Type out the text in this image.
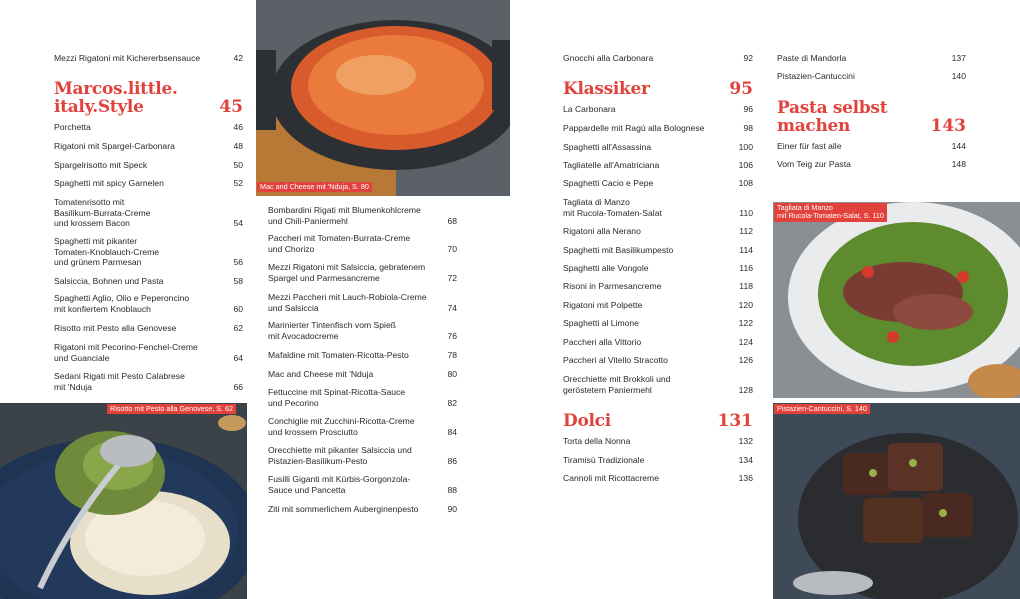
Mezzi Rigatoni mit Kichererbsensauce	42
Marcos.little.
italy.Style	45
Porchetta	46
Rigatoni mit Spargel-Carbonara	48
Spargelrisotto mit Speck	50
Spaghetti mit spicy Garnelen	52
Tomatenrisotto mit
Basilikum-Burrata-Creme
und krossem Bacon	54
Spaghetti mit pikanter
Tomaten-Knoblauch-Creme
und grünem Parmesan	56
Salsiccia, Bohnen und Pasta	58
Spaghetti Aglio, Olio e Peperoncino
mit konfiertem Knoblauch	60
Risotto mit Pesto alla Genovese	62
Rigatoni mit Pecorino-Fenchel-Creme
und Guanciale	64
Sedani Rigati mit Pesto Calabrese
mit 'Nduja	66
Risotto mit Pesto alla Genovese, S. 62
Mac and Cheese mit 'Nduja, S. 80
Bombardini Rigati mit Blumenkohlcreme
und Chili-Paniermehl	68
Paccheri mit Tomaten-Burrata-Creme
und Chorizo	70
Mezzi Rigatoni mit Salsiccia, gebratenem
Spargel und Parmesancreme	72
Mezzi Paccheri mit Lauch-Robiola-Creme
und Salsiccia	74
Marinierter Tintenfisch vom Spieß
mit Avocadocreme	76
Mafaldine mit Tomaten-Ricotta-Pesto	78
Mac and Cheese mit 'Nduja	80
Fettuccine mit Spinat-Ricotta-Sauce
und Pecorino	82
Conchiglie mit Zucchini-Ricotta-Creme
und krossem Prosciutto	84
Orecchiette mit pikanter Salsiccia und
Pistazien-Basilikum-Pesto	86
Fusilli Giganti mit Kürbis-Gorgonzola-
Sauce und Pancetta	88
Ziti mit sommerlichem Auberginenpesto	90
Gnocchi alla Carbonara	92
Klassiker	95
La Carbonara	96
Pappardelle mit Ragù alla Bolognese	98
Spaghetti all'Assassina	100
Tagliatelle all'Amatriciana	106
Spaghetti Cacio e Pepe	108
Tagliata di Manzo
mit Rucola-Tomaten-Salat	110
Rigatoni alla Nerano	112
Spaghetti mit Basilikumpesto	114
Spaghetti alle Vongole	116
Risoni in Parmesancreme	118
Rigatoni mit Polpette	120
Spaghetti al Limone	122
Paccheri alla Vittorio	124
Paccheri al Vitello Stracotto	126
Orecchiette mit Brokkoli und
geröstetem Paniermehl	128
Dolci	131
Torta della Nonna	132
Tiramisù Tradizionale	134
Cannoli mit Ricottacreme	136
Paste di Mandorla	137
Pistazien-Cantuccini	140
Pasta selbst
machen	143
Einer für fast alle	144
Vom Teig zur Pasta	148
Tagliata di Manzo
mit Rucola-Tomaten-Salat, S. 110
Pistazien-Cantuccini, S. 140
